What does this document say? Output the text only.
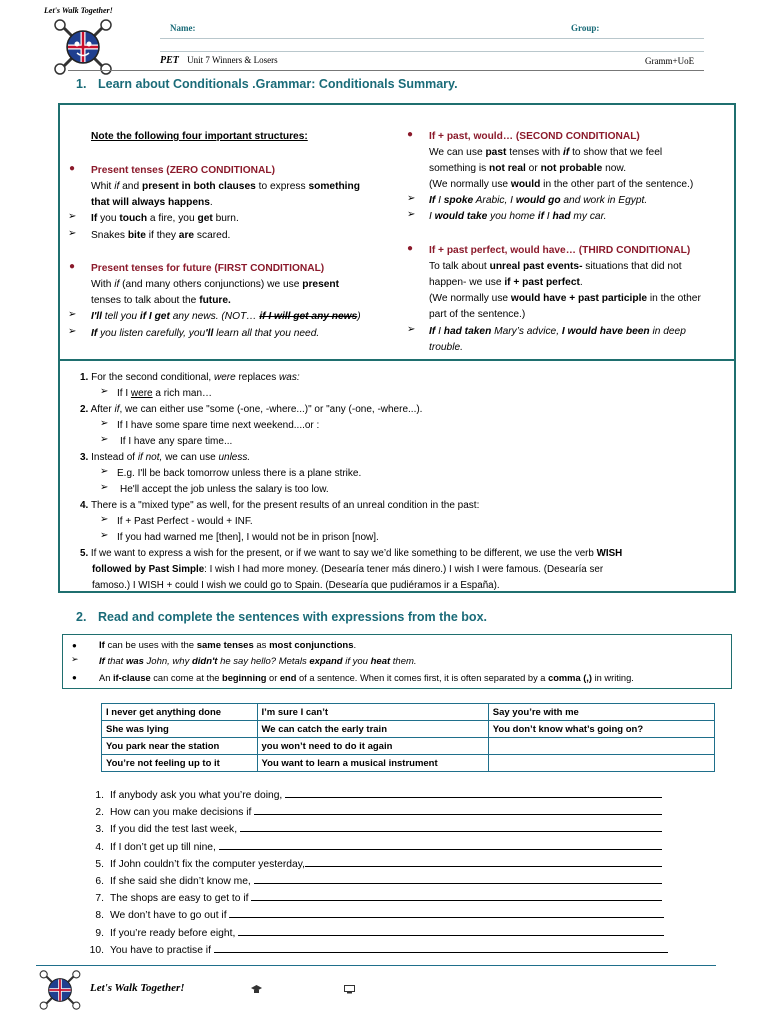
Let's Walk Together!
Name:	Group:
PET Unit 7 Winners & Losers	Gramm+UoE
1. Learn about Conditionals .Grammar: Conditionals Summary.
Note the following four important structures:
● Present tenses (ZERO CONDITIONAL)
Whit if and present in both clauses to express something
that will always happens.
➢ If you touch a fire, you get burn.
➢ Snakes bite if they are scared.
● Present tenses for future (FIRST CONDITIONAL)
With if (and many others conjunctions) we use present
tenses to talk about the future.
➢ I'll tell you if I get any news. (NOT… if I will get any news)
➢ If you listen carefully, you'll learn all that you need.
● If + past, would… (SECOND CONDITIONAL)
We can use past tenses with if to show that we feel
something is not real or not probable now.
(We normally use would in the other part of the sentence.)
➢ If I spoke Arabic, I would go and work in Egypt.
➢ I would take you home if I had my car.
● If + past perfect, would have… (THIRD CONDITIONAL)
To talk about unreal past events- situations that did not
happen- we use if + past perfect.
(We normally use would have + past participle in the other
part of the sentence.)
➢ If I had taken Mary’s advice, I would have been in deep
trouble.
1. For the second conditional, were replaces was:
➢ If I were a rich man…
2. After if, we can either use "some (-one, -where...)" or "any (-one, -where...).
➢ If I have some spare time next weekend....or :
➢ If I have any spare time...
3. Instead of if not, we can use unless.
➢ E.g. I'll be back tomorrow unless there is a plane strike.
➢ He'll accept the job unless the salary is too low.
4. There is a "mixed type" as well, for the present results of an unreal condition in the past:
➢ If + Past Perfect - would + INF.
➢ If you had warned me [then], I would not be in prison [now].
5. If we want to express a wish for the present, or if we want to say we’d like something to be different, we use the verb WISH
followed by Past Simple: I wish I had more money. (Desearía tener más dinero.) I wish I were famous. (Desearía ser
famoso.) I WISH + could I wish we could go to Spain. (Desearía que pudiéramos ir a España).
2. Read and complete the sentences with expressions from the box.
● If can be uses with the same tenses as most conjunctions.
➢ If that was John, why didn't he say hello? Metals expand if you heat them.
● An if-clause can come at the beginning or end of a sentence. When it comes first, it is often separated by a comma (,) in writing.
I never get anything done	I’m sure I can’t	Say you’re with me
She was lying	We can catch the early train	You don’t know what’s going on?
You park near the station	you won’t need to do it again	
You’re not feeling up to it	You want to learn a musical instrument	
1. If anybody ask you what you’re doing,
2. How can you make decisions if
3. If you did the test last week,
4. If I don’t get up till nine,
5. If John couldn’t fix the computer yesterday,
6. If she said she didn’t know me,
7. The shops are easy to get to if
8. We don’t have to go out if
9. If you’re ready before eight,
10. You have to practise if
Let's Walk Together!
